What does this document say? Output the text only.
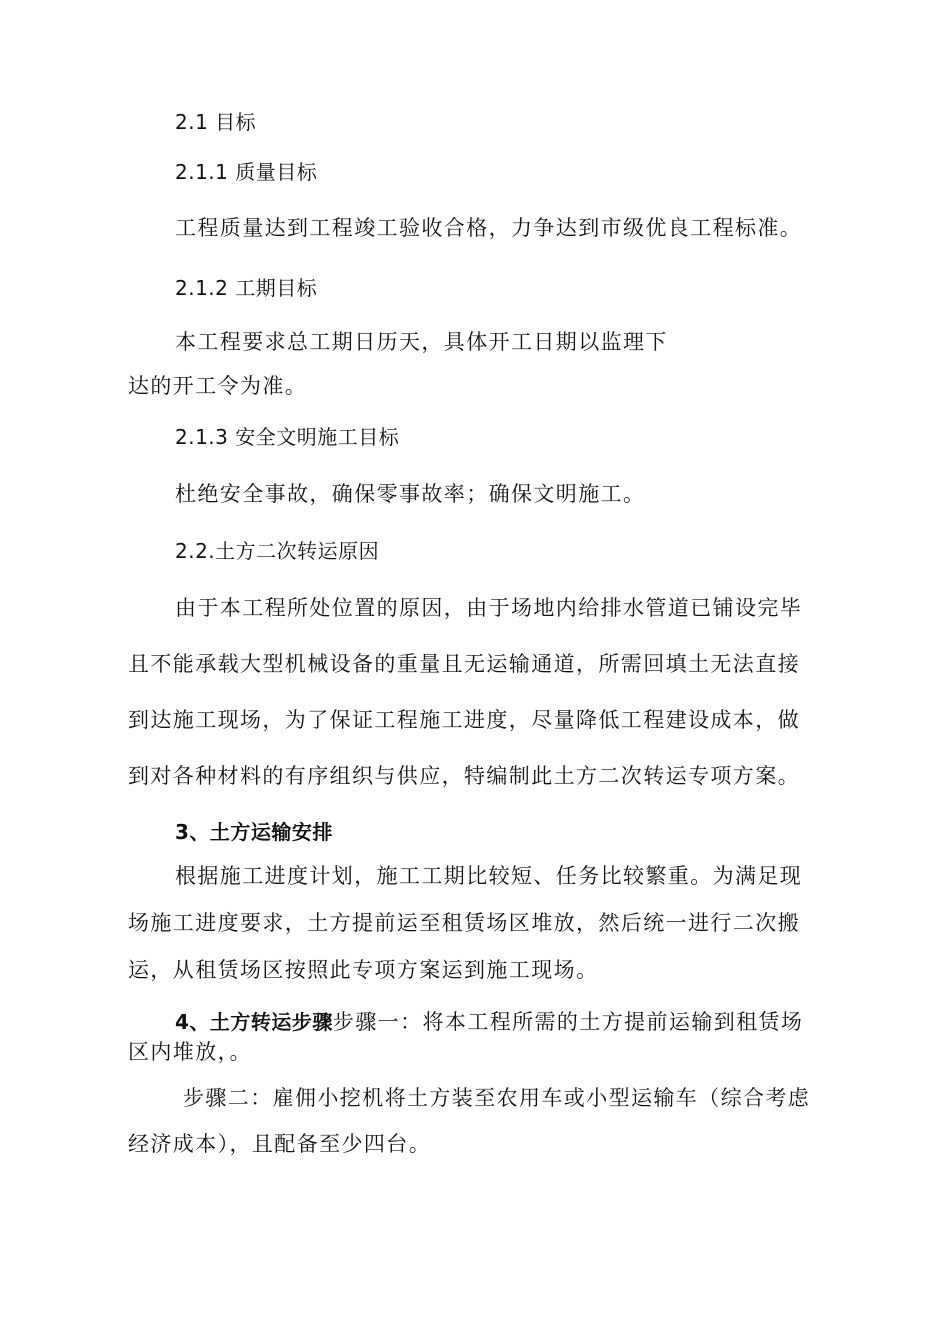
2.1 目标

2.1.1 质量目标

工程质量达到工程竣工验收合格，力争达到市级优良工程标准。

2.1.2 工期目标

本工程要求总工期日历天，具体开工日期以监理下

达的开工令为准。

2.1.3 安全文明施工目标

杜绝安全事故，确保零事故率；确保文明施工。

2.2.土方二次转运原因

由于本工程所处位置的原因，由于场地内给排水管道已铺设完毕

且不能承载大型机械设备的重量且无运输通道，所需回填土无法直接

到达施工现场，为了保证工程施工进度，尽量降低工程建设成本，做

到对各种材料的有序组织与供应，特编制此土方二次转运专项方案。

3、土方运输安排

根据施工进度计划，施工工期比较短、任务比较繁重。为满足现

场施工进度要求，土方提前运至租赁场区堆放，然后统一进行二次搬

运，从租赁场区按照此专项方案运到施工现场。

4、土方转运步骤步骤一：将本工程所需的土方提前运输到租赁场

区内堆放，。

步骤二：雇佣小挖机将土方装至农用车或小型运输车（综合考虑

经济成本），且配备至少四台。
